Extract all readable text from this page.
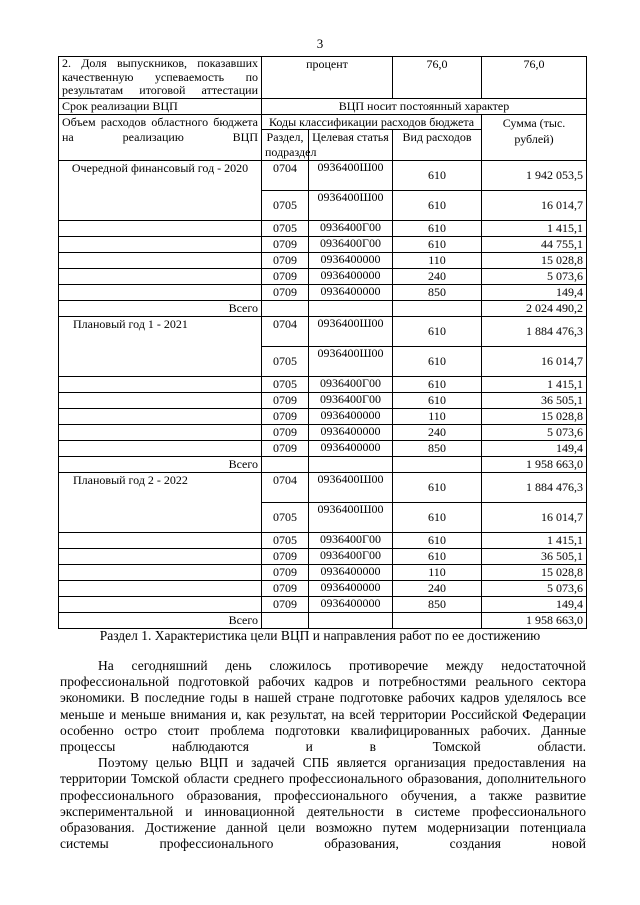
3
2. Доля выпускников, показавших качественную успеваемость по результатам итоговой аттестации	процент		76,0	76,0
Срок реализации ВЦП	ВЦП носит постоянный характер			
Объем расходов областного бюджета на реализацию ВЦП	Коды классификации расходов бюджета			Сумма (тыс. рублей)
	Раздел, подраздел	Целевая статья	Вид расходов	
Очередной финансовый год - 2020	0704	0936400Ш00	610	1 942 053,5
	0705	0936400Ш00	610	16 014,7
	0705	0936400Г00	610	1 415,1
	0709	0936400Г00	610	44 755,1
	0709	0936400000	110	15 028,8
	0709	0936400000	240	5 073,6
	0709	0936400000	850	149,4
Всего				2 024 490,2
Плановый год 1 - 2021	0704	0936400Ш00	610	1 884 476,3
	0705	0936400Ш00	610	16 014,7
	0705	0936400Г00	610	1 415,1
	0709	0936400Г00	610	36 505,1
	0709	0936400000	110	15 028,8
	0709	0936400000	240	5 073,6
	0709	0936400000	850	149,4
Всего				1 958 663,0
Плановый год 2 - 2022	0704	0936400Ш00	610	1 884 476,3
	0705	0936400Ш00	610	16 014,7
	0705	0936400Г00	610	1 415,1
	0709	0936400Г00	610	36 505,1
	0709	0936400000	110	15 028,8
	0709	0936400000	240	5 073,6
	0709	0936400000	850	149,4
Всего				1 958 663,0
Раздел 1. Характеристика цели ВЦП и направления работ по ее достижению

На сегодняшний день сложилось противоречие между недостаточной профессиональной подготовкой рабочих кадров и потребностями реального сектора экономики. В последние годы в нашей стране подготовке рабочих кадров уделялось все меньше и меньше внимания и, как результат, на всей территории Российской Федерации особенно остро стоит проблема подготовки квалифицированных рабочих. Данные процессы наблюдаются и в Томской области.

Поэтому целью ВЦП и задачей СПБ является организация предоставления на территории Томской области среднего профессионального образования, дополнительного профессионального образования, профессионального обучения, а также развитие экспериментальной и инновационной деятельности в системе профессионального образования. Достижение данной цели возможно путем модернизации потенциала системы профессионального образования, создания новой
